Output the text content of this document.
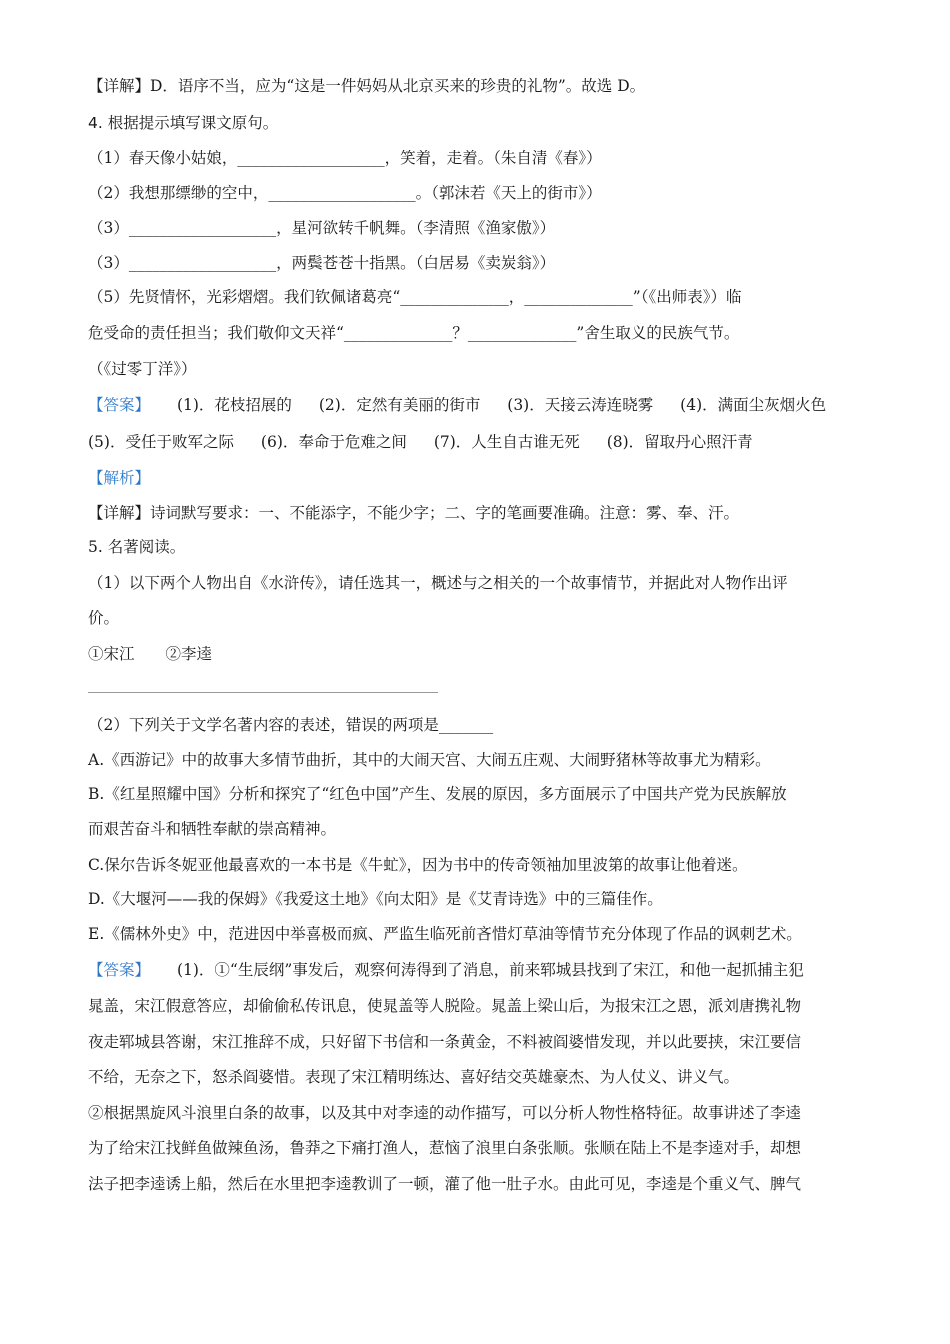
【详解】D．语序不当，应为“这是一件妈妈从北京买来的珍贵的礼物”。故选 D。
4. 根据提示填写课文原句。
（1）春天像小姑娘，___________________，笑着，走着。（朱自清《春》）
（2）我想那缥缈的空中，___________________。（郭沫若《天上的街市》）
（3）___________________，星河欲转千帆舞。（李清照《渔家傲》）
（3）___________________，两鬓苍苍十指黑。（白居易《卖炭翁》）
（5）先贤情怀，光彩熠熠。我们钦佩诸葛亮“______________，______________”（《出师表》）临
危受命的责任担当；我们敬仰文天祥“______________？______________”舍生取义的民族气节。
（《过零丁洋》）
【答案】 (1)．花枝招展的 (2)．定然有美丽的街市 (3)．天接云涛连晓雾 (4)．满面尘灰烟火色
(5)．受任于败军之际 (6)．奉命于危难之间 (7)．人生自古谁无死 (8)．留取丹心照汗青
【解析】
【详解】诗词默写要求：一、不能添字，不能少字；二、字的笔画要准确。注意：雾、奉、汗。
5. 名著阅读。
（1）以下两个人物出自《水浒传》，请任选其一，概述与之相关的一个故事情节，并据此对人物作出评
价。
①宋江　　②李逵
（2）下列关于文学名著内容的表述，错误的两项是_______
A.《西游记》中的故事大多情节曲折，其中的大闹天宫、大闹五庄观、大闹野猪林等故事尤为精彩。
B.《红星照耀中国》分析和探究了“红色中国”产生、发展的原因，多方面展示了中国共产党为民族解放
而艰苦奋斗和牺牲奉献的崇高精神。
C.保尔告诉冬妮亚他最喜欢的一本书是《牛虻》，因为书中的传奇领袖加里波第的故事让他着迷。
D.《大堰河——我的保姆》《我爱这土地》《向太阳》是《艾青诗选》中的三篇佳作。
E.《儒林外史》中，范进因中举喜极而疯、严监生临死前吝惜灯草油等情节充分体现了作品的讽刺艺术。
【答案】 (1)．①“生辰纲”事发后，观察何涛得到了消息，前来郓城县找到了宋江，和他一起抓捕主犯
晁盖，宋江假意答应，却偷偷私传讯息，使晁盖等人脱险。晁盖上梁山后，为报宋江之恩，派刘唐携礼物
夜走郓城县答谢，宋江推辞不成，只好留下书信和一条黄金，不料被阎婆惜发现，并以此要挟，宋江要信
不给，无奈之下，怒杀阎婆惜。表现了宋江精明练达、喜好结交英雄豪杰、为人仗义、讲义气。
②根据黑旋风斗浪里白条的故事，以及其中对李逵的动作描写，可以分析人物性格特征。故事讲述了李逵
为了给宋江找鲜鱼做辣鱼汤，鲁莽之下痛打渔人，惹恼了浪里白条张顺。张顺在陆上不是李逵对手，却想
法子把李逵诱上船，然后在水里把李逵教训了一顿，灌了他一肚子水。由此可见，李逵是个重义气、脾气
